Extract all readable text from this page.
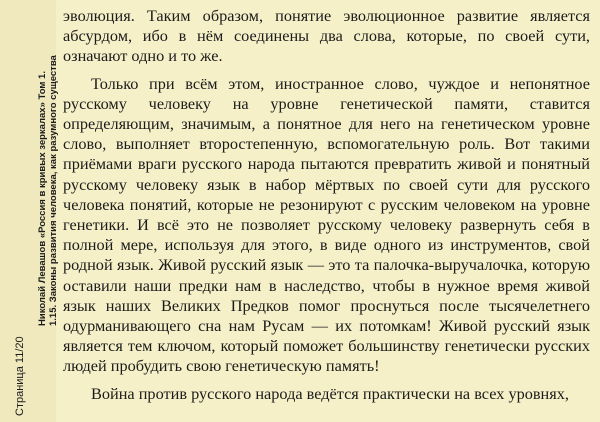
Николай Левашов «Россия в кривых зеркалах» Том 1. 1.15. Законы развития человека, как разумного существа
Страница 11/20

эволюция. Таким образом, понятие эволюционное развитие является абсурдом, ибо в нём соединены два слова, которые, по своей сути, означают одно и то же.

Только при всём этом, иностранное слово, чуждое и непонятное русскому человеку на уровне генетической памяти, ставится определяющим, значимым, а понятное для него на генетическом уровне слово, выполняет второстепенную, вспомогательную роль. Вот такими приёмами враги русского народа пытаются превратить живой и понятный русскому человеку язык в набор мёртвых по своей сути для русского человека понятий, которые не резонируют с русским человеком на уровне генетики. И всё это не позволяет русскому человеку развернуть себя в полной мере, используя для этого, в виде одного из инструментов, свой родной язык. Живой русский язык — это та палочка-выручалочка, которую оставили наши предки нам в наследство, чтобы в нужное время живой язык наших Великих Предков помог проснуться после тысячелетнего одурманивающего сна нам Русам — их потомкам! Живой русский язык является тем ключом, который поможет большинству генетически русских людей пробудить свою генетическую память!

Война против русского народа ведётся практически на всех уровнях,
